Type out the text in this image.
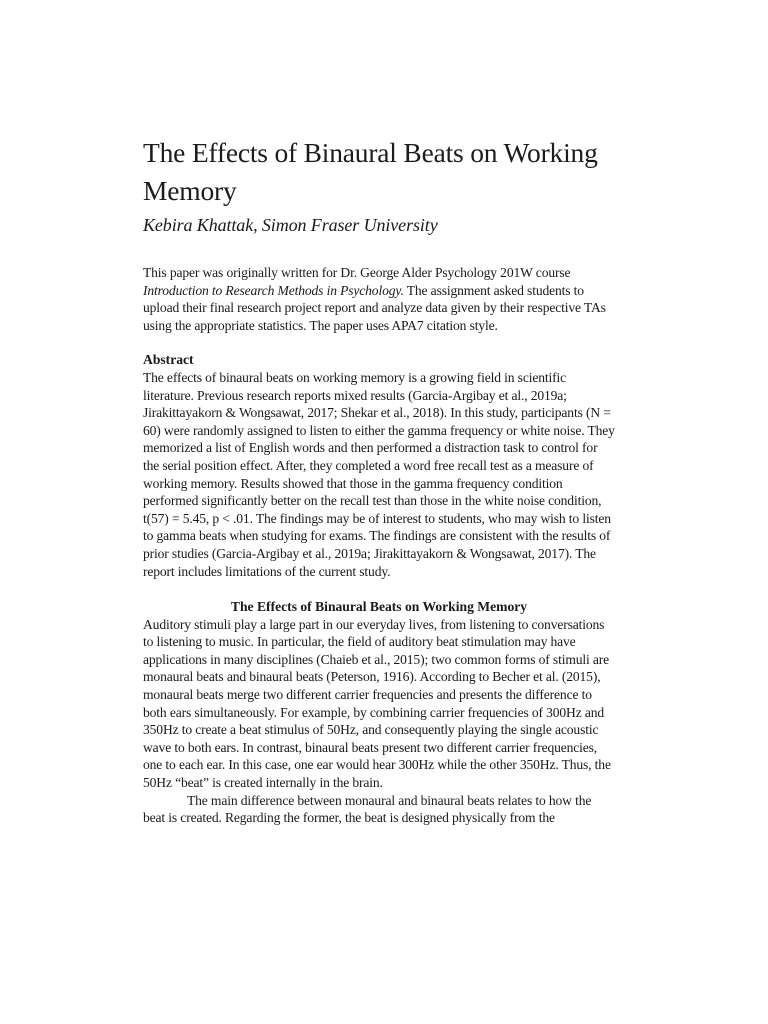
The Effects of Binaural Beats on Working Memory

Kebira Khattak, Simon Fraser University

This paper was originally written for Dr. George Alder Psychology 201W course Introduction to Research Methods in Psychology. The assignment asked students to upload their final research project report and analyze data given by their respective TAs using the appropriate statistics. The paper uses APA7 citation style.

Abstract

The effects of binaural beats on working memory is a growing field in scientific literature. Previous research reports mixed results (Garcia-Argibay et al., 2019a; Jirakittayakorn & Wongsawat, 2017; Shekar et al., 2018). In this study, participants (N = 60) were randomly assigned to listen to either the gamma frequency or white noise. They memorized a list of English words and then performed a distraction task to control for the serial position effect. After, they completed a word free recall test as a measure of working memory. Results showed that those in the gamma frequency condition performed significantly better on the recall test than those in the white noise condition, t(57) = 5.45, p < .01. The findings may be of interest to students, who may wish to listen to gamma beats when studying for exams. The findings are consistent with the results of prior studies (Garcia-Argibay et al., 2019a; Jirakittayakorn & Wongsawat, 2017). The report includes limitations of the current study.

The Effects of Binaural Beats on Working Memory

Auditory stimuli play a large part in our everyday lives, from listening to conversations to listening to music. In particular, the field of auditory beat stimulation may have applications in many disciplines (Chaieb et al., 2015); two common forms of stimuli are monaural beats and binaural beats (Peterson, 1916). According to Becher et al. (2015), monaural beats merge two different carrier frequencies and presents the difference to both ears simultaneously. For example, by combining carrier frequencies of 300Hz and 350Hz to create a beat stimulus of 50Hz, and consequently playing the single acoustic wave to both ears. In contrast, binaural beats present two different carrier frequencies, one to each ear. In this case, one ear would hear 300Hz while the other 350Hz. Thus, the 50Hz “beat” is created internally in the brain.

The main difference between monaural and binaural beats relates to how the beat is created. Regarding the former, the beat is designed physically from the
